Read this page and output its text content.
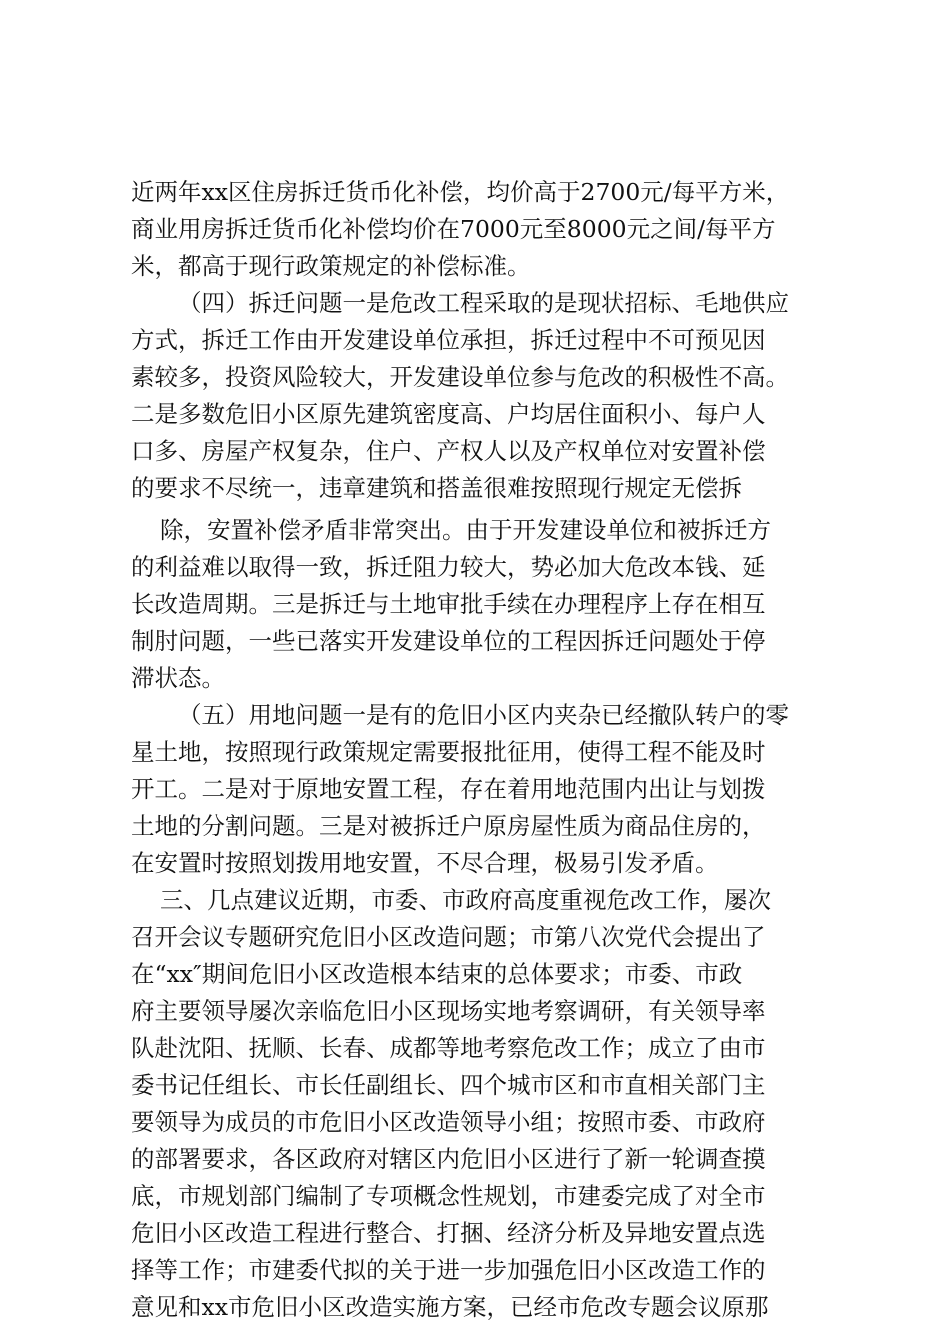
近两年xx区住房拆迁货币化补偿，均价高于2700元/每平方米，
商业用房拆迁货币化补偿均价在7000元至8000元之间/每平方
米，都高于现行政策规定的补偿标准。
（四）拆迁问题一是危改工程采取的是现状招标、毛地供应
方式，拆迁工作由开发建设单位承担，拆迁过程中不可预见因
素较多，投资风险较大，开发建设单位参与危改的积极性不高。
二是多数危旧小区原先建筑密度高、户均居住面积小、每户人
口多、房屋产权复杂，住户、产权人以及产权单位对安置补偿
的要求不尽统一，违章建筑和搭盖很难按照现行规定无偿拆
除，安置补偿矛盾非常突出。由于开发建设单位和被拆迁方
的利益难以取得一致，拆迁阻力较大，势必加大危改本钱、延
长改造周期。三是拆迁与土地审批手续在办理程序上存在相互
制肘问题，一些已落实开发建设单位的工程因拆迁问题处于停
滞状态。
（五）用地问题一是有的危旧小区内夹杂已经撤队转户的零
星土地，按照现行政策规定需要报批征用，使得工程不能及时
开工。二是对于原地安置工程，存在着用地范围内出让与划拨
土地的分割问题。三是对被拆迁户原房屋性质为商品住房的，
在安置时按照划拨用地安置，不尽合理，极易引发矛盾。
三、几点建议近期，市委、市政府高度重视危改工作，屡次
召开会议专题研究危旧小区改造问题；市第八次党代会提出了
在“xx″期间危旧小区改造根本结束的总体要求；市委、市政
府主要领导屡次亲临危旧小区现场实地考察调研，有关领导率
队赴沈阳、抚顺、长春、成都等地考察危改工作；成立了由市
委书记任组长、市长任副组长、四个城市区和市直相关部门主
要领导为成员的市危旧小区改造领导小组；按照市委、市政府
的部署要求，各区政府对辖区内危旧小区进行了新一轮调查摸
底，市规划部门编制了专项概念性规划，市建委完成了对全市
危旧小区改造工程进行整合、打捆、经济分析及异地安置点选
择等工作；市建委代拟的关于进一步加强危旧小区改造工作的
意见和xx市危旧小区改造实施方案，已经市危改专题会议原那
